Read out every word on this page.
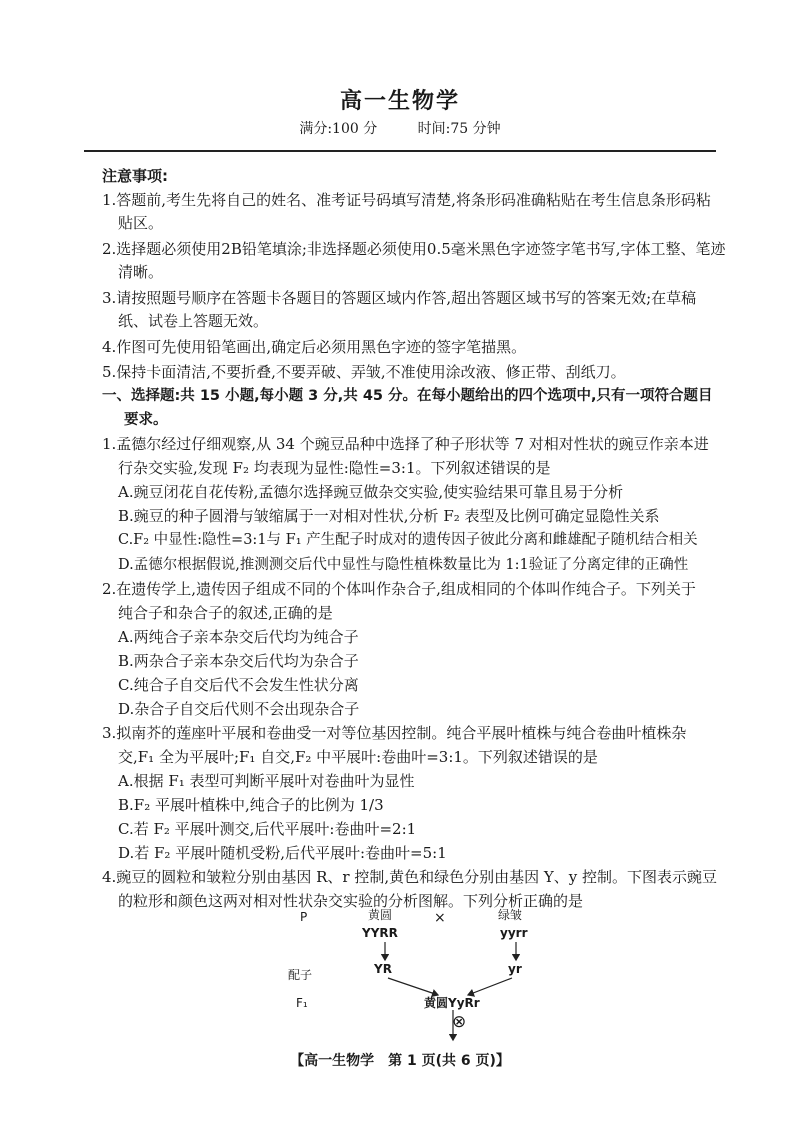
高一生物学
满分:100 分	时间:75 分钟
注意事项:
1.答题前,考生先将自己的姓名、准考证号码填写清楚,将条形码准确粘贴在考生信息条形码粘
贴区。
2.选择题必须使用2B铅笔填涂;非选择题必须使用0.5毫米黑色字迹签字笔书写,字体工整、笔迹
清晰。
3.请按照题号顺序在答题卡各题目的答题区域内作答,超出答题区域书写的答案无效;在草稿
纸、试卷上答题无效。
4.作图可先使用铅笔画出,确定后必须用黑色字迹的签字笔描黑。
5.保持卡面清洁,不要折叠,不要弄破、弄皱,不准使用涂改液、修正带、刮纸刀。
一、选择题:共 15 小题,每小题 3 分,共 45 分。在每小题给出的四个选项中,只有一项符合题目
要求。
1.孟德尔经过仔细观察,从 34 个豌豆品种中选择了种子形状等 7 对相对性状的豌豆作亲本进
行杂交实验,发现 F₂ 均表现为显性:隐性=3:1。下列叙述错误的是
A.豌豆闭花自花传粉,孟德尔选择豌豆做杂交实验,使实验结果可靠且易于分析
B.豌豆的种子圆滑与皱缩属于一对相对性状,分析 F₂ 表型及比例可确定显隐性关系
C.F₂ 中显性:隐性=3:1与 F₁ 产生配子时成对的遗传因子彼此分离和雌雄配子随机结合相关
D.孟德尔根据假说,推测测交后代中显性与隐性植株数量比为 1:1验证了分离定律的正确性
2.在遗传学上,遗传因子组成不同的个体叫作杂合子,组成相同的个体叫作纯合子。下列关于
纯合子和杂合子的叙述,正确的是
A.两纯合子亲本杂交后代均为纯合子
B.两杂合子亲本杂交后代均为杂合子
C.纯合子自交后代不会发生性状分离
D.杂合子自交后代则不会出现杂合子
3.拟南芥的莲座叶平展和卷曲受一对等位基因控制。纯合平展叶植株与纯合卷曲叶植株杂
交,F₁ 全为平展叶;F₁ 自交,F₂ 中平展叶:卷曲叶=3:1。下列叙述错误的是
A.根据 F₁ 表型可判断平展叶对卷曲叶为显性
B.F₂ 平展叶植株中,纯合子的比例为 1/3
C.若 F₂ 平展叶测交,后代平展叶:卷曲叶=2:1
D.若 F₂ 平展叶随机受粉,后代平展叶:卷曲叶=5:1
4.豌豆的圆粒和皱粒分别由基因 R、r 控制,黄色和绿色分别由基因 Y、y 控制。下图表示豌豆
的粒形和颜色这两对相对性状杂交实验的分析图解。下列分析正确的是
P	黄圆
YYRR
×	绿皱
yyrr
配子	YR	yr
F₁	黄圆YyRr
⊗
【高一生物学　第 1 页(共 6 页)】
